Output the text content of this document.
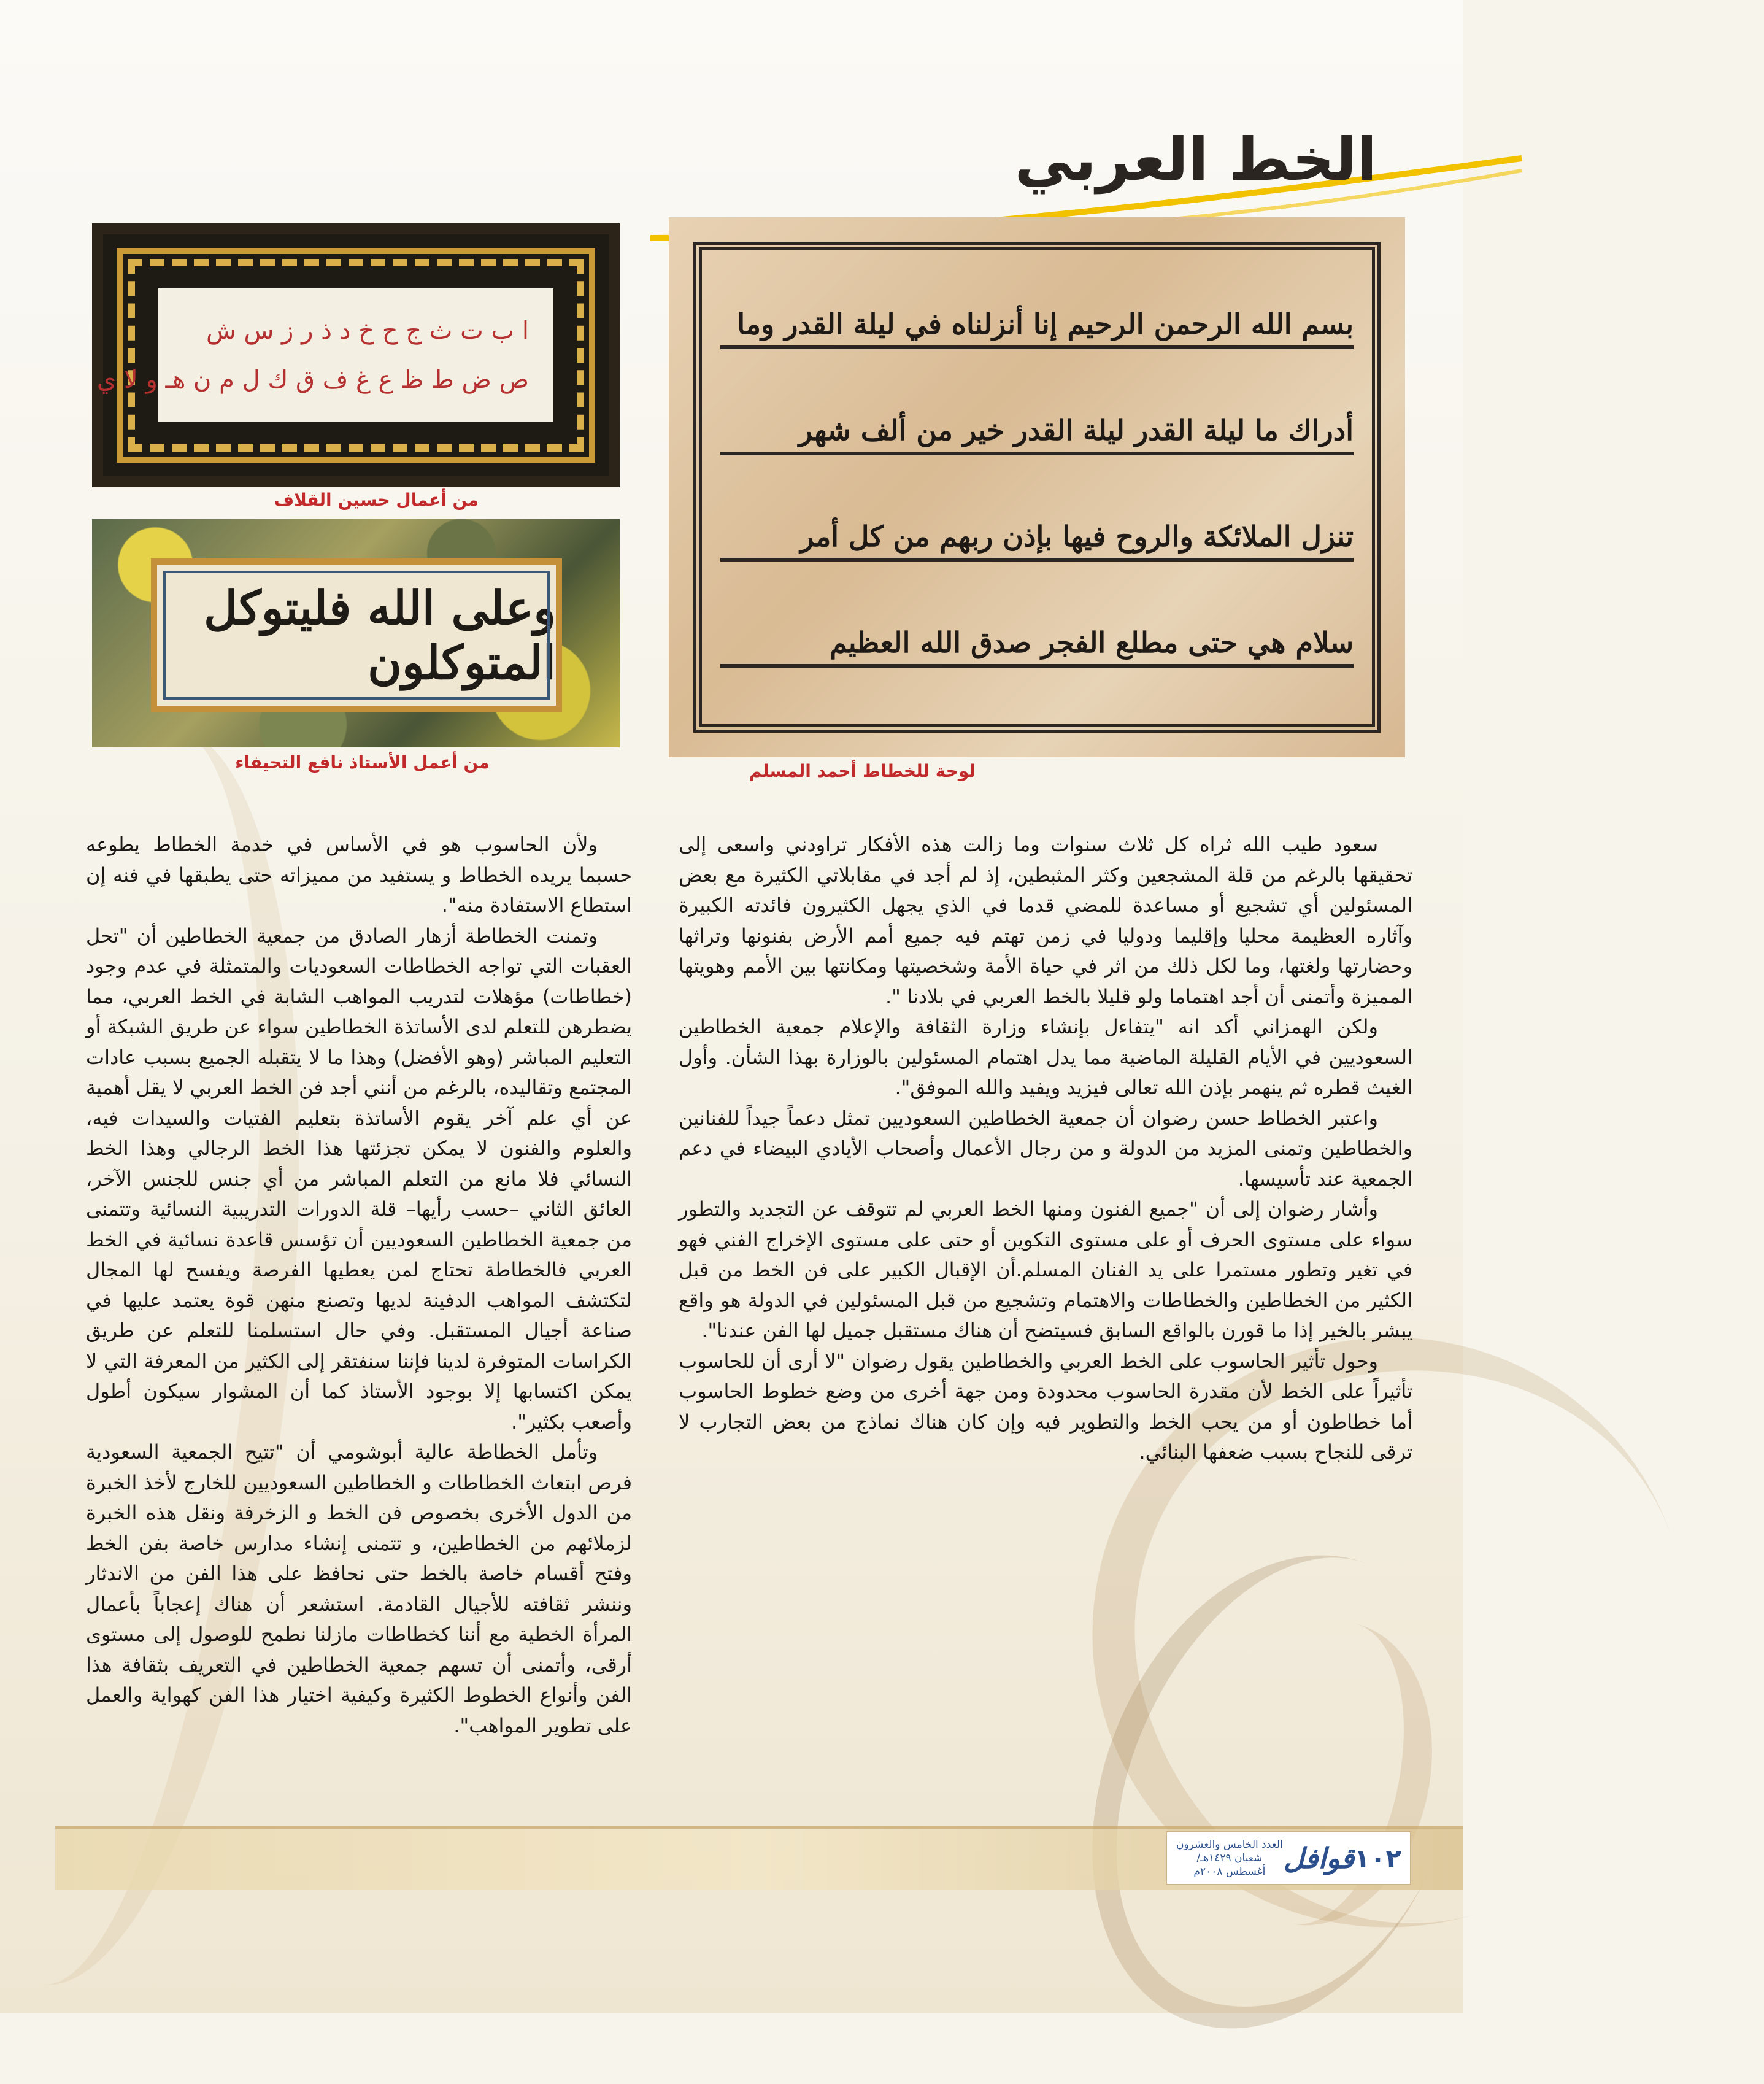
الخط العربي
بسم الله الرحمن الرحيم إنا أنزلناه في ليلة القدر وما
أدراك ما ليلة القدر ليلة القدر خير من ألف شهر
تنزل الملائكة والروح فيها بإذن ربهم من كل أمر
سلام هي حتى مطلع الفجر صدق الله العظيم
لوحة للخطاط أحمد المسلم
ا ب ت ث ج ح خ د ذ ر ز س ش
ص ض ط ظ ع غ ف ق ك ل م ن هـ و لا ي
من أعمال حسين القلاف
وعلى الله فليتوكل المتوكلون
من أعمل الأستاذ نافع التحيفاء

سعود طيب الله ثراه كل ثلاث سنوات وما زالت هذه الأفكار تراودني واسعى إلى تحقيقها بالرغم من قلة المشجعين وكثر المثبطين، إذ لم أجد في مقابلاتي الكثيرة مع بعض المسئولين أي تشجيع أو مساعدة للمضي قدما في الذي يجهل الكثيرون فائدته الكبيرة وآثاره العظيمة محليا وإقليما ودوليا في زمن تهتم فيه جميع أمم الأرض بفنونها وتراثها وحضارتها ولغتها، وما لكل ذلك من اثر في حياة الأمة وشخصيتها ومكانتها بين الأمم وهويتها المميزة وأتمنى أن أجد اهتماما ولو قليلا بالخط العربي في بلادنا ".

ولكن الهمزاني أكد انه "يتفاءل بإنشاء وزارة الثقافة والإعلام جمعية الخطاطين السعوديين في الأيام القليلة الماضية مما يدل اهتمام المسئولين بالوزارة بهذا الشأن. وأول الغيث قطره ثم ينهمر بإذن الله تعالى فيزيد ويفيد والله الموفق".

واعتبر الخطاط حسن رضوان أن جمعية الخطاطين السعوديين تمثل دعماً جيداً للفنانين والخطاطين وتمنى المزيد من الدولة و من رجال الأعمال وأصحاب الأيادي البيضاء في دعم الجمعية عند تأسيسها.

وأشار رضوان إلى أن "جميع الفنون ومنها الخط العربي لم تتوقف عن التجديد والتطور سواء على مستوى الحرف أو على مستوى التكوين أو حتى على مستوى الإخراج الفني فهو في تغير وتطور مستمرا على يد الفنان المسلم.أن الإقبال الكبير على فن الخط من قبل الكثير من الخطاطين والخطاطات والاهتمام وتشجيع من قبل المسئولين في الدولة هو واقع يبشر بالخير إذا ما قورن بالواقع السابق فسيتضح أن هناك مستقبل جميل لها الفن عندنا".

وحول تأثير الحاسوب على الخط العربي والخطاطين يقول رضوان "لا أرى أن للحاسوب تأثيراً على الخط لأن مقدرة الحاسوب محدودة ومن جهة أخرى من وضع خطوط الحاسوب أما خطاطون أو من يحب الخط والتطوير فيه وإن كان هناك نماذج من بعض التجارب لا ترقى للنجاح بسبب ضعفها البنائي.

ولأن الحاسوب هو في الأساس في خدمة الخطاط يطوعه حسبما يريده الخطاط و يستفيد من مميزاته حتى يطبقها في فنه إن استطاع الاستفادة منه".

وتمنت الخطاطة أزهار الصادق من جمعية الخطاطين أن "تحل العقبات التي تواجه الخطاطات السعوديات والمتمثلة في عدم وجود (خطاطات) مؤهلات لتدريب المواهب الشابة في الخط العربي، مما يضطرهن للتعلم لدى الأساتذة الخطاطين سواء عن طريق الشبكة أو التعليم المباشر (وهو الأفضل) وهذا ما لا يتقبله الجميع بسبب عادات المجتمع وتقاليده، بالرغم من أنني أجد فن الخط العربي لا يقل أهمية عن أي علم آخر يقوم الأساتذة بتعليم الفتيات والسيدات فيه، والعلوم والفنون لا يمكن تجزئتها هذا الخط الرجالي وهذا الخط النسائي فلا مانع من التعلم المباشر من أي جنس للجنس الآخر، العائق الثاني –حسب رأيها– قلة الدورات التدريبية النسائية وتتمنى من جمعية الخطاطين السعوديين أن تؤسس قاعدة نسائية في الخط العربي فالخطاطة تحتاج لمن يعطيها الفرصة ويفسح لها المجال لتكتشف المواهب الدفينة لديها وتصنع منهن قوة يعتمد عليها في صناعة أجيال المستقبل. وفي حال استسلمنا للتعلم عن طريق الكراسات المتوفرة لدينا فإننا سنفتقر إلى الكثير من المعرفة التي لا يمكن اكتسابها إلا بوجود الأستاذ كما أن المشوار سيكون أطول وأصعب بكثير".

وتأمل الخطاطة عالية أبوشومي أن "تتيح الجمعية السعودية فرص ابتعاث الخطاطات و الخطاطين السعوديين للخارج لأخذ الخبرة من الدول الأخرى بخصوص فن الخط و الزخرفة ونقل هذه الخبرة لزملائهم من الخطاطين، و تتمنى إنشاء مدارس خاصة بفن الخط وفتح أقسام خاصة بالخط حتى نحافظ على هذا الفن من الاندثار وننشر ثقافته للأجيال القادمة. استشعر أن هناك إعجاباً بأعمال المرأة الخطية مع أننا كخطاطات مازلنا نطمح للوصول إلى مستوى أرقى، وأتمنى أن تسهم جمعية الخطاطين في التعريف بثقافة هذا الفن وأنواع الخطوط الكثيرة وكيفية اختيار هذا الفن كهواية والعمل على تطوير المواهب".

١٠٢
قوافل
العدد الخامس والعشرون
شعبان ١٤٢٩هـ/ أغسطس ٢٠٠٨م
